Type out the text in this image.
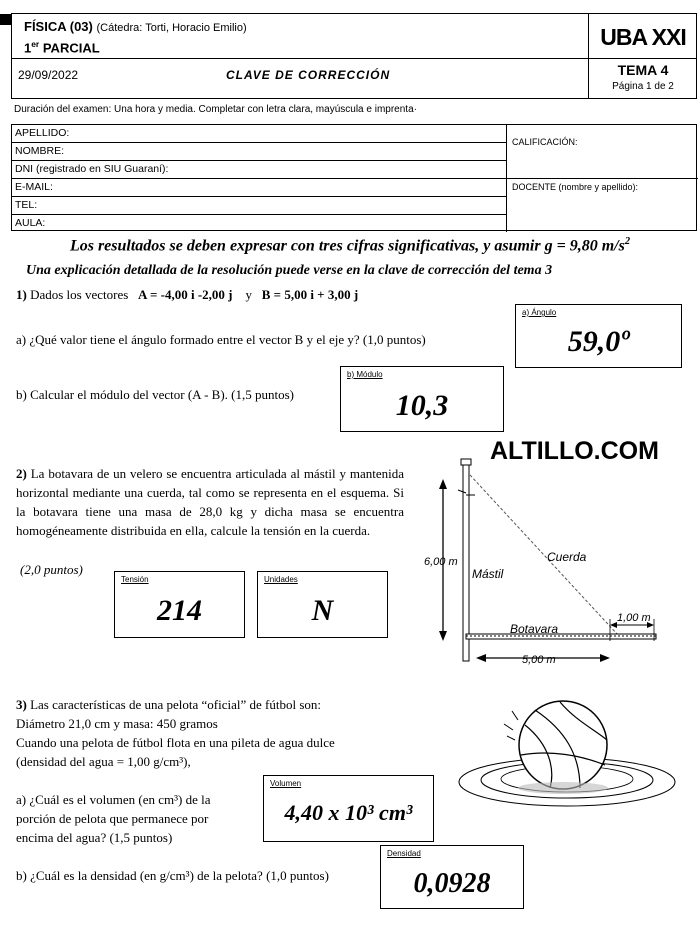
FÍSICA (03) (Cátedra: Torti, Horacio Emilio)
1er PARCIAL	UBA XXI
29/09/2022	CLAVE DE CORRECCIÓN	TEMA 4
Página 1 de 2
Duración del examen: Una hora y media. Completar con letra clara, mayúscula e imprenta·
APELLIDO:
NOMBRE:
DNI (registrado en SIU Guaraní):
E-MAIL:
TEL:
AULA:
CALIFICACIÓN:
DOCENTE (nombre y apellido):
Los resultados se deben expresar con tres cifras significativas, y asumir g = 9,80 $m/s^2$
Una explicación detallada de la resolución puede verse en la clave de corrección del tema 3
1) Dados los vectores A = -4,00 i -2,00 j y B = 5,00 i + 3,00 j
a) ¿Qué valor tiene el ángulo formado entre el vector B y el eje y? (1,0 puntos)
a) Ángulo
59,0º
b) Calcular el módulo del vector (A - B). (1,5 puntos)
b) Módulo
10,3
ALTILLO.COM
2) La botavara de un velero se encuentra articulada al mástil y mantenida horizontal mediante una cuerda, tal como se representa en el esquema. Si la botavara tiene una masa de 28,0 kg y dicha masa se encuentra homogéneamente distribuida en ella, calcule la tensión en la cuerda.
(2,0 puntos)
Tensión
214
Unidades
N
6,00 m
Mástil
Cuerda
Botavara
1,00 m
5,00 m
3) Las características de una pelota “oficial” de fútbol son:
Diámetro 21,0 cm y masa: 450 gramos
Cuando una pelota de fútbol flota en una pileta de agua dulce
(densidad del agua = 1,00 g/cm³),
a) ¿Cuál es el volumen (en cm³) de la porción de pelota que permanece por encima del agua? (1,5 puntos)
Volumen
4,40 x 10³ cm³
b) ¿Cuál es la densidad (en g/cm³) de la pelota? (1,0 puntos)
Densidad
0,0928
